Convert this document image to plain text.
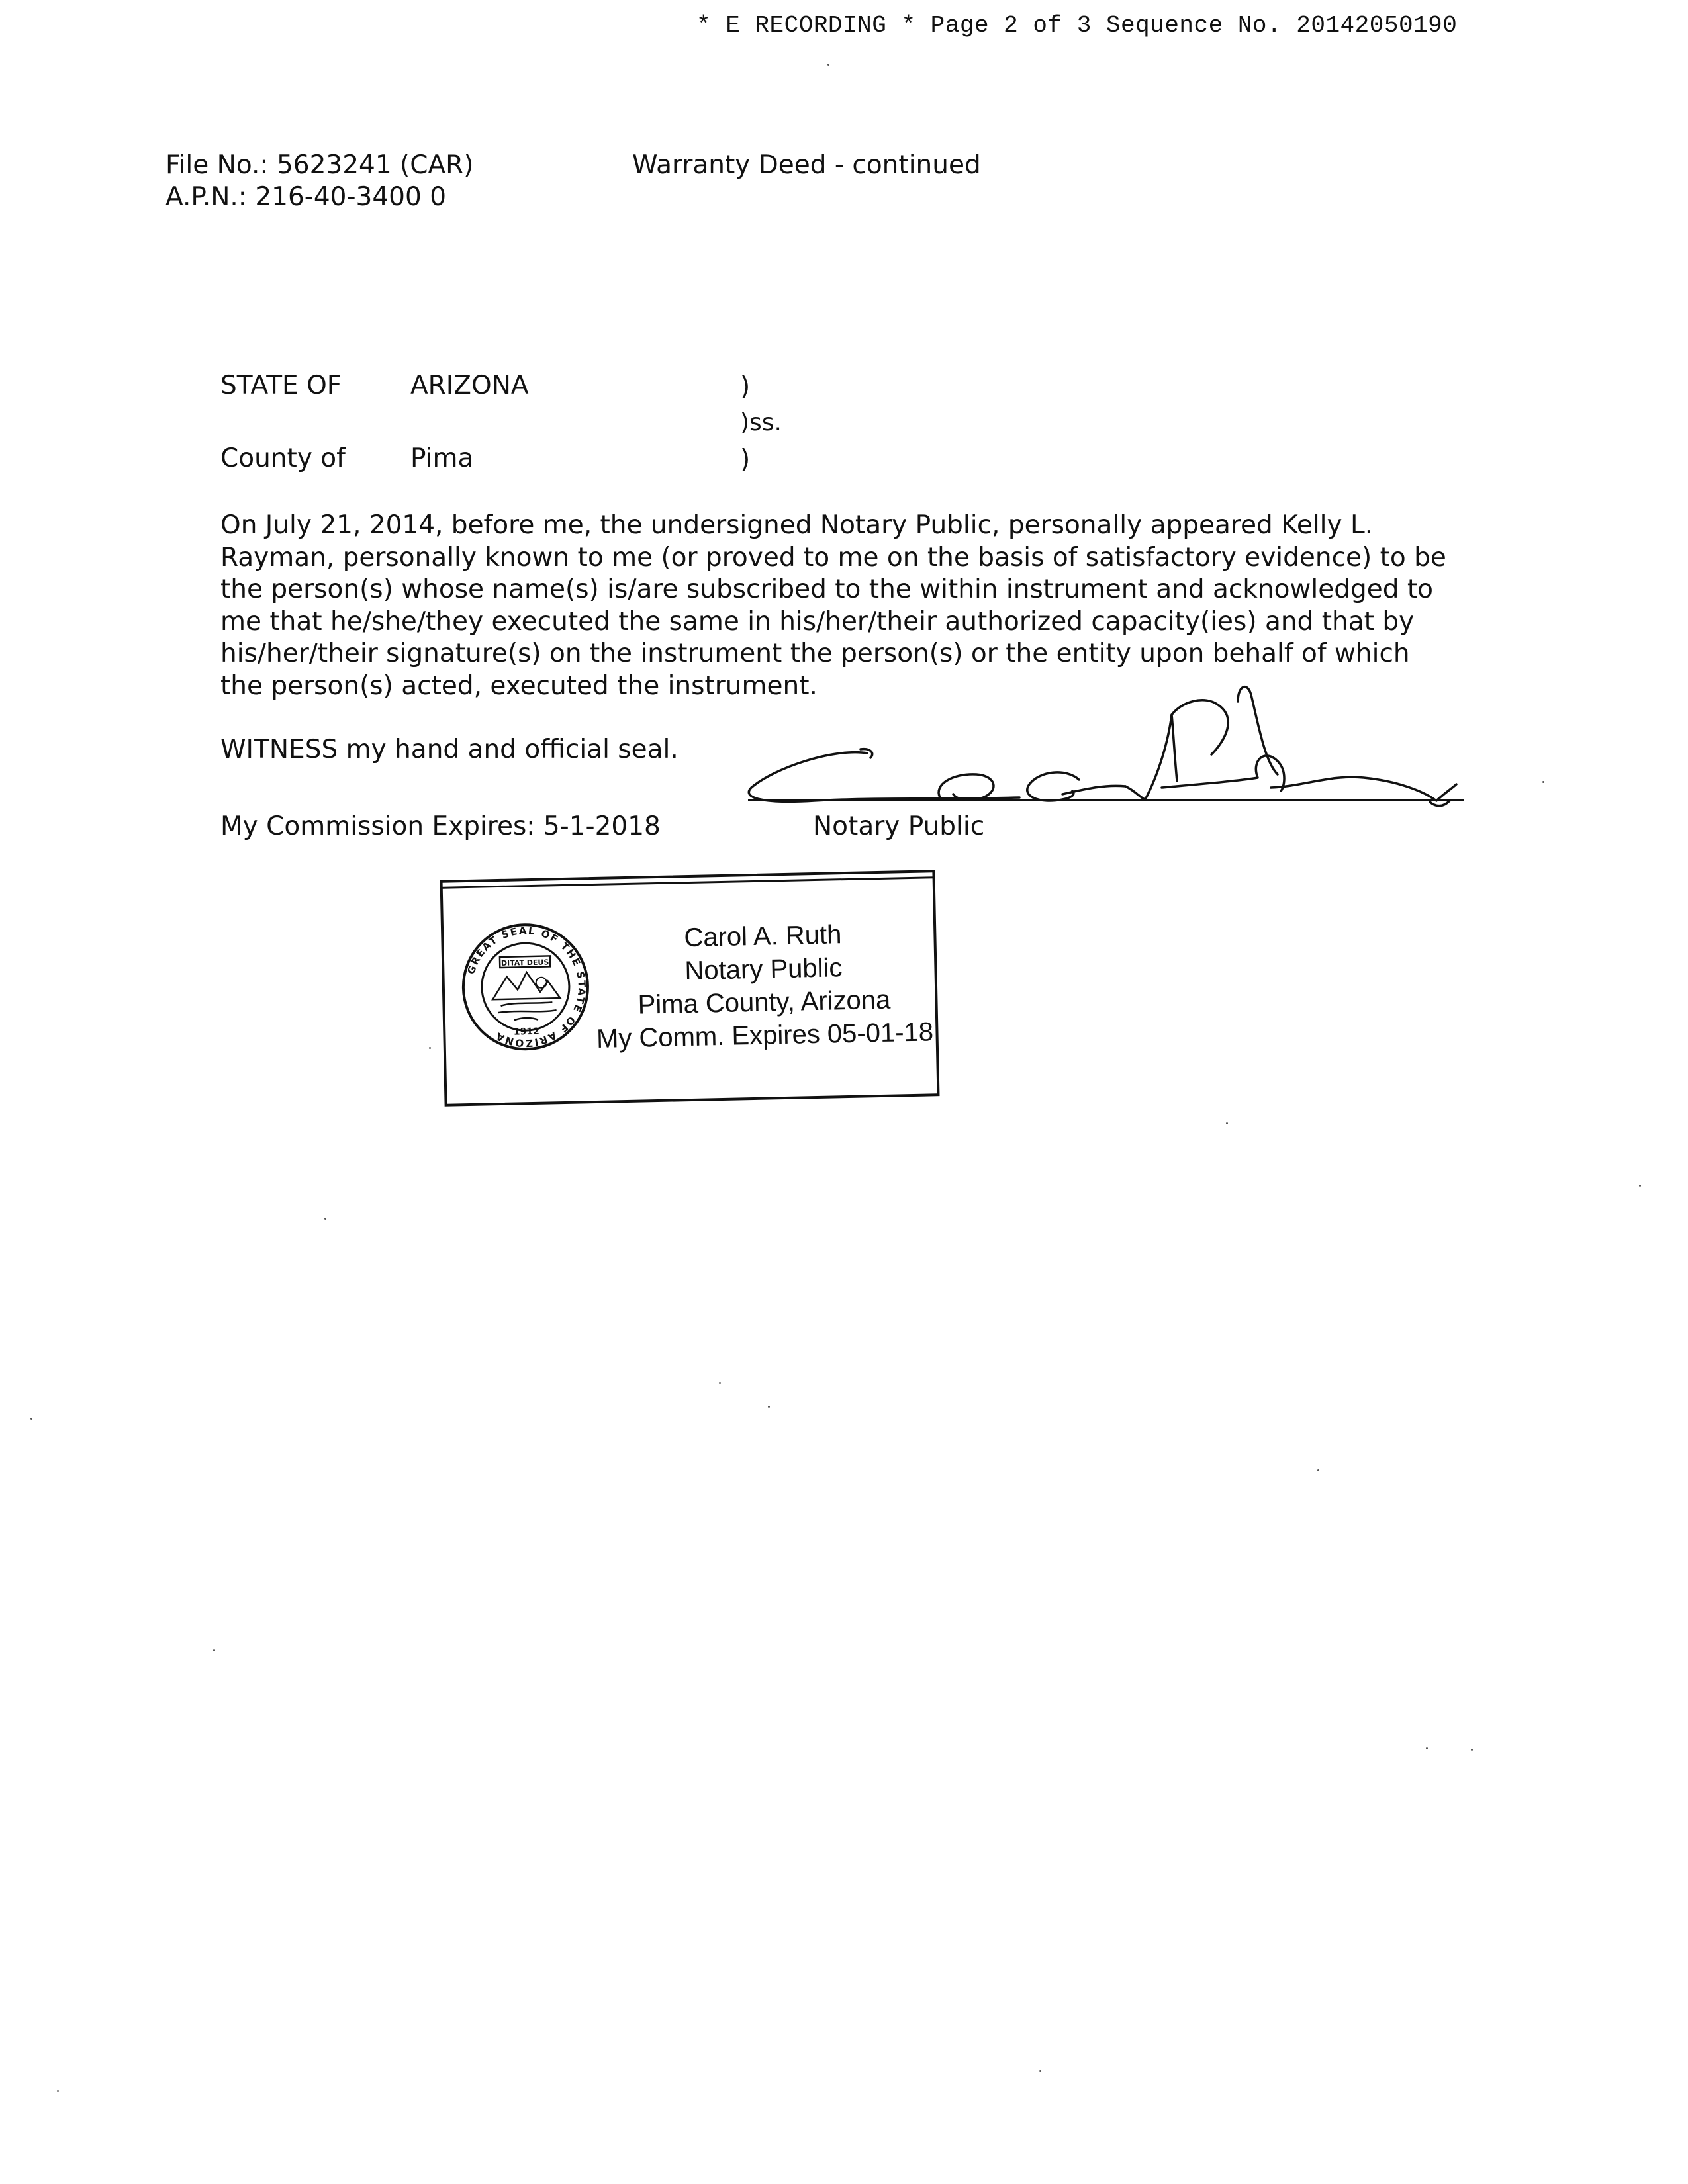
* E RECORDING * Page 2 of 3 Sequence No. 20142050190
File No.: 5623241 (CAR)
A.P.N.: 216-40-3400 0
Warranty Deed - continued
STATE OF	ARIZONA	)
)ss.
County of	Pima	)
On July 21, 2014, before me, the undersigned Notary Public, personally appeared Kelly L. Rayman, personally known to me (or proved to me on the basis of satisfactory evidence) to be the person(s) whose name(s) is/are subscribed to the within instrument and acknowledged to me that he/she/they executed the same in his/her/their authorized capacity(ies) and that by his/her/their signature(s) on the instrument the person(s) or the entity upon behalf of which the person(s) acted, executed the instrument.
WITNESS my hand and official seal.
My Commission Expires: 5-1-2018	Notary Public
GREAT SEAL OF THE STATE OF ARIZONA
DITAT DEUS
1912
Carol A. Ruth
Notary Public
Pima County, Arizona
My Comm. Expires 05-01-18
